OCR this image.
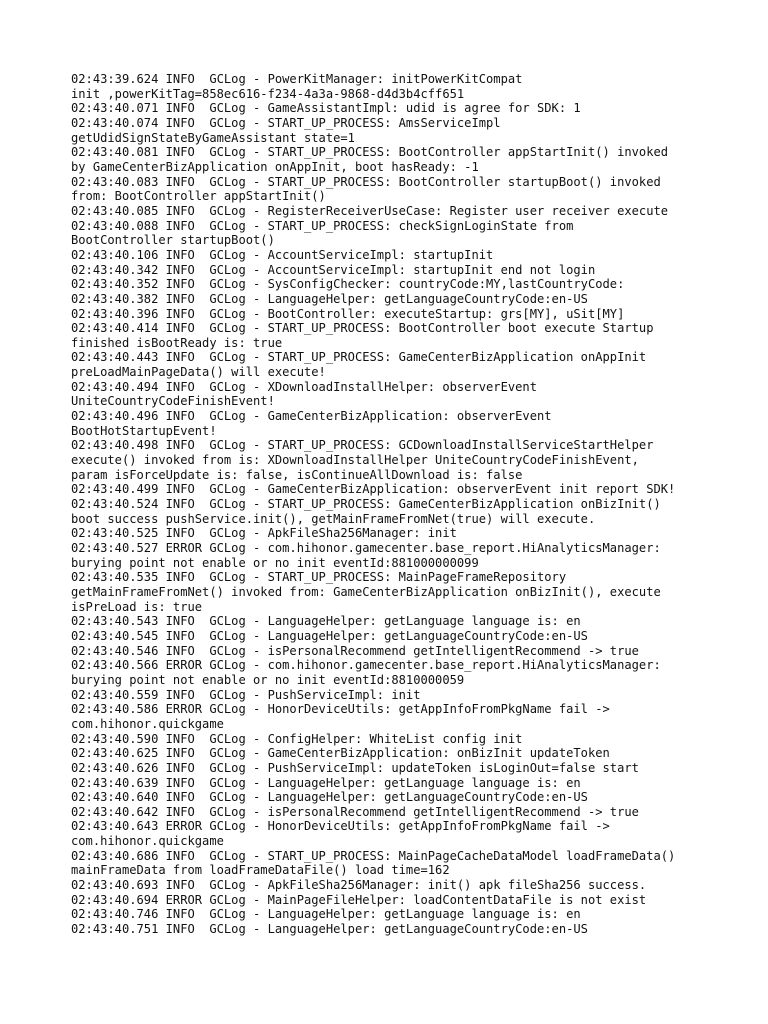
02:43:39.624 INFO  GCLog - PowerKitManager: initPowerKitCompat
init ,powerKitTag=858ec616-f234-4a3a-9868-d4d3b4cff651
02:43:40.071 INFO  GCLog - GameAssistantImpl: udid is agree for SDK: 1
02:43:40.074 INFO  GCLog - START_UP_PROCESS: AmsServiceImpl
getUdidSignStateByGameAssistant state=1
02:43:40.081 INFO  GCLog - START_UP_PROCESS: BootController appStartInit() invoked
by GameCenterBizApplication onAppInit, boot hasReady: -1
02:43:40.083 INFO  GCLog - START_UP_PROCESS: BootController startupBoot() invoked
from: BootController appStartInit()
02:43:40.085 INFO  GCLog - RegisterReceiverUseCase: Register user receiver execute
02:43:40.088 INFO  GCLog - START_UP_PROCESS: checkSignLoginState from
BootController startupBoot()
02:43:40.106 INFO  GCLog - AccountServiceImpl: startupInit
02:43:40.342 INFO  GCLog - AccountServiceImpl: startupInit end not login
02:43:40.352 INFO  GCLog - SysConfigChecker: countryCode:MY,lastCountryCode:
02:43:40.382 INFO  GCLog - LanguageHelper: getLanguageCountryCode:en-US
02:43:40.396 INFO  GCLog - BootController: executeStartup: grs[MY], uSit[MY]
02:43:40.414 INFO  GCLog - START_UP_PROCESS: BootController boot execute Startup
finished isBootReady is: true
02:43:40.443 INFO  GCLog - START_UP_PROCESS: GameCenterBizApplication onAppInit
preLoadMainPageData() will execute!
02:43:40.494 INFO  GCLog - XDownloadInstallHelper: observerEvent
UniteCountryCodeFinishEvent!
02:43:40.496 INFO  GCLog - GameCenterBizApplication: observerEvent
BootHotStartupEvent!
02:43:40.498 INFO  GCLog - START_UP_PROCESS: GCDownloadInstallServiceStartHelper
execute() invoked from is: XDownloadInstallHelper UniteCountryCodeFinishEvent,
param isForceUpdate is: false, isContinueAllDownload is: false
02:43:40.499 INFO  GCLog - GameCenterBizApplication: observerEvent init report SDK!
02:43:40.524 INFO  GCLog - START_UP_PROCESS: GameCenterBizApplication onBizInit()
boot success pushService.init(), getMainFrameFromNet(true) will execute.
02:43:40.525 INFO  GCLog - ApkFileSha256Manager: init
02:43:40.527 ERROR GCLog - com.hihonor.gamecenter.base_report.HiAnalyticsManager:
burying point not enable or no init eventId:881000000099
02:43:40.535 INFO  GCLog - START_UP_PROCESS: MainPageFrameRepository
getMainFrameFromNet() invoked from: GameCenterBizApplication onBizInit(), execute
isPreLoad is: true
02:43:40.543 INFO  GCLog - LanguageHelper: getLanguage language is: en
02:43:40.545 INFO  GCLog - LanguageHelper: getLanguageCountryCode:en-US
02:43:40.546 INFO  GCLog - isPersonalRecommend getIntelligentRecommend -> true
02:43:40.566 ERROR GCLog - com.hihonor.gamecenter.base_report.HiAnalyticsManager:
burying point not enable or no init eventId:8810000059
02:43:40.559 INFO  GCLog - PushServiceImpl: init
02:43:40.586 ERROR GCLog - HonorDeviceUtils: getAppInfoFromPkgName fail ->
com.hihonor.quickgame
02:43:40.590 INFO  GCLog - ConfigHelper: WhiteList config init
02:43:40.625 INFO  GCLog - GameCenterBizApplication: onBizInit updateToken
02:43:40.626 INFO  GCLog - PushServiceImpl: updateToken isLoginOut=false start
02:43:40.639 INFO  GCLog - LanguageHelper: getLanguage language is: en
02:43:40.640 INFO  GCLog - LanguageHelper: getLanguageCountryCode:en-US
02:43:40.642 INFO  GCLog - isPersonalRecommend getIntelligentRecommend -> true
02:43:40.643 ERROR GCLog - HonorDeviceUtils: getAppInfoFromPkgName fail ->
com.hihonor.quickgame
02:43:40.686 INFO  GCLog - START_UP_PROCESS: MainPageCacheDataModel loadFrameData()
mainFrameData from loadFrameDataFile() load time=162
02:43:40.693 INFO  GCLog - ApkFileSha256Manager: init() apk fileSha256 success.
02:43:40.694 ERROR GCLog - MainPageFileHelper: loadContentDataFile is not exist
02:43:40.746 INFO  GCLog - LanguageHelper: getLanguage language is: en
02:43:40.751 INFO  GCLog - LanguageHelper: getLanguageCountryCode:en-US
